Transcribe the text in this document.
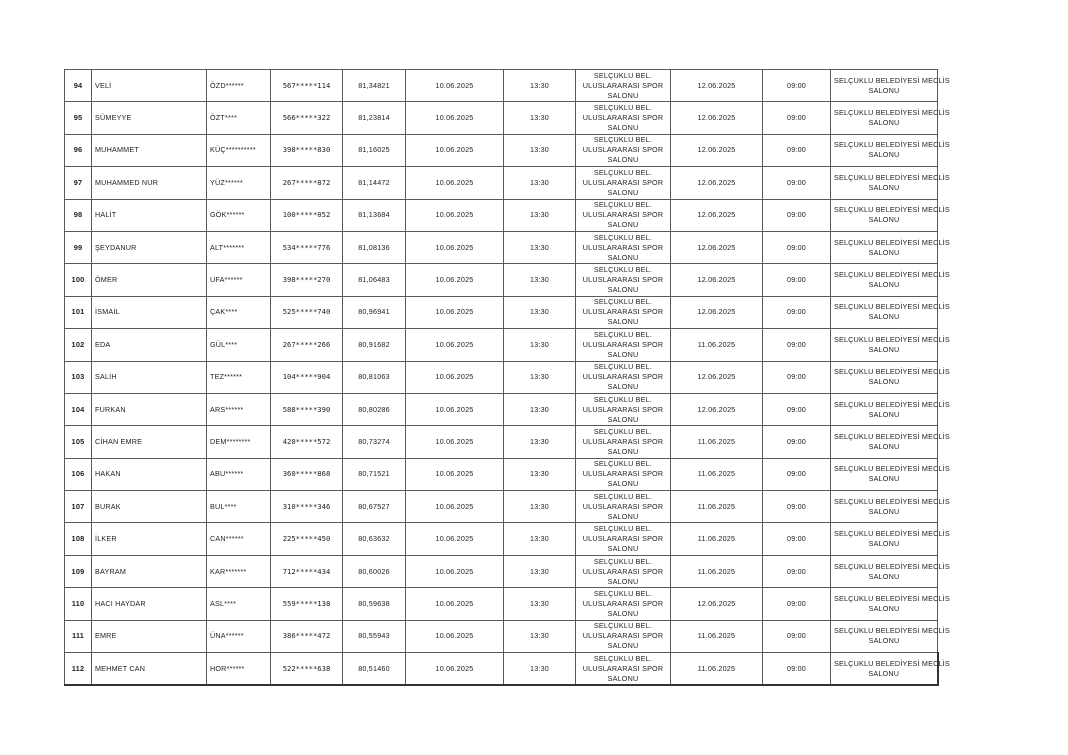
94	VELİ	ÖZD******	567*****114	81,34821	10.06.2025	13:30	SELÇUKLU BEL.
ULUSLARARASI SPOR
SALONU	12.06.2025	09:00	SELÇUKLU BELEDİYESİ MECLİS
SALONU

95	SÜMEYYE	ÖZT****	566*****322	81,23814	10.06.2025	13:30	SELÇUKLU BEL.
ULUSLARARASI SPOR
SALONU	12.06.2025	09:00	SELÇUKLU BELEDİYESİ MECLİS
SALONU

96	MUHAMMET	KÜÇ**********	398*****830	81,16025	10.06.2025	13:30	SELÇUKLU BEL.
ULUSLARARASI SPOR
SALONU	12.06.2025	09:00	SELÇUKLU BELEDİYESİ MECLİS
SALONU

97	MUHAMMED NUR	YÜZ******	267*****872	81,14472	10.06.2025	13:30	SELÇUKLU BEL.
ULUSLARARASI SPOR
SALONU	12.06.2025	09:00	SELÇUKLU BELEDİYESİ MECLİS
SALONU

98	HALİT	GÖK******	100*****052	81,13684	10.06.2025	13:30	SELÇUKLU BEL.
ULUSLARARASI SPOR
SALONU	12.06.2025	09:00	SELÇUKLU BELEDİYESİ MECLİS
SALONU

99	ŞEYDANUR	ALT*******	534*****776	81,08136	10.06.2025	13:30	SELÇUKLU BEL.
ULUSLARARASI SPOR
SALONU	12.06.2025	09:00	SELÇUKLU BELEDİYESİ MECLİS
SALONU

100	ÖMER	UFA******	398*****270	81,06483	10.06.2025	13:30	SELÇUKLU BEL.
ULUSLARARASI SPOR
SALONU	12.06.2025	09:00	SELÇUKLU BELEDİYESİ MECLİS
SALONU

101	İSMAİL	ÇAK****	525*****740	80,96941	10.06.2025	13:30	SELÇUKLU BEL.
ULUSLARARASI SPOR
SALONU	12.06.2025	09:00	SELÇUKLU BELEDİYESİ MECLİS
SALONU

102	EDA	GÜL****	267*****266	80,91682	10.06.2025	13:30	SELÇUKLU BEL.
ULUSLARARASI SPOR
SALONU	11.06.2025	09:00	SELÇUKLU BELEDİYESİ MECLİS
SALONU

103	SALİH	TEZ******	104*****904	80,81063	10.06.2025	13:30	SELÇUKLU BEL.
ULUSLARARASI SPOR
SALONU	12.06.2025	09:00	SELÇUKLU BELEDİYESİ MECLİS
SALONU

104	FURKAN	ARS******	588*****390	80,80286	10.06.2025	13:30	SELÇUKLU BEL.
ULUSLARARASI SPOR
SALONU	12.06.2025	09:00	SELÇUKLU BELEDİYESİ MECLİS
SALONU

105	CİHAN EMRE	DEM********	420*****572	80,73274	10.06.2025	13:30	SELÇUKLU BEL.
ULUSLARARASI SPOR
SALONU	11.06.2025	09:00	SELÇUKLU BELEDİYESİ MECLİS
SALONU

106	HAKAN	ABU******	360*****868	80,71521	10.06.2025	13:30	SELÇUKLU BEL.
ULUSLARARASI SPOR
SALONU	11.06.2025	09:00	SELÇUKLU BELEDİYESİ MECLİS
SALONU

107	BURAK	BUL****	310*****346	80,67527	10.06.2025	13:30	SELÇUKLU BEL.
ULUSLARARASI SPOR
SALONU	11.06.2025	09:00	SELÇUKLU BELEDİYESİ MECLİS
SALONU

108	İLKER	CAN******	225*****450	80,63632	10.06.2025	13:30	SELÇUKLU BEL.
ULUSLARARASI SPOR
SALONU	11.06.2025	09:00	SELÇUKLU BELEDİYESİ MECLİS
SALONU

109	BAYRAM	KAR*******	712*****434	80,60026	10.06.2025	13:30	SELÇUKLU BEL.
ULUSLARARASI SPOR
SALONU	11.06.2025	09:00	SELÇUKLU BELEDİYESİ MECLİS
SALONU

110	HACI HAYDAR	ASL****	559*****138	80,59638	10.06.2025	13:30	SELÇUKLU BEL.
ULUSLARARASI SPOR
SALONU	12.06.2025	09:00	SELÇUKLU BELEDİYESİ MECLİS
SALONU

111	EMRE	ÜNA******	386*****472	80,55943	10.06.2025	13:30	SELÇUKLU BEL.
ULUSLARARASI SPOR
SALONU	11.06.2025	09:00	SELÇUKLU BELEDİYESİ MECLİS
SALONU

112	MEHMET CAN	HOR******	522*****638	80,51460	10.06.2025	13:30	SELÇUKLU BEL.
ULUSLARARASI SPOR
SALONU	11.06.2025	09:00	SELÇUKLU BELEDİYESİ MECLİS
SALONU
